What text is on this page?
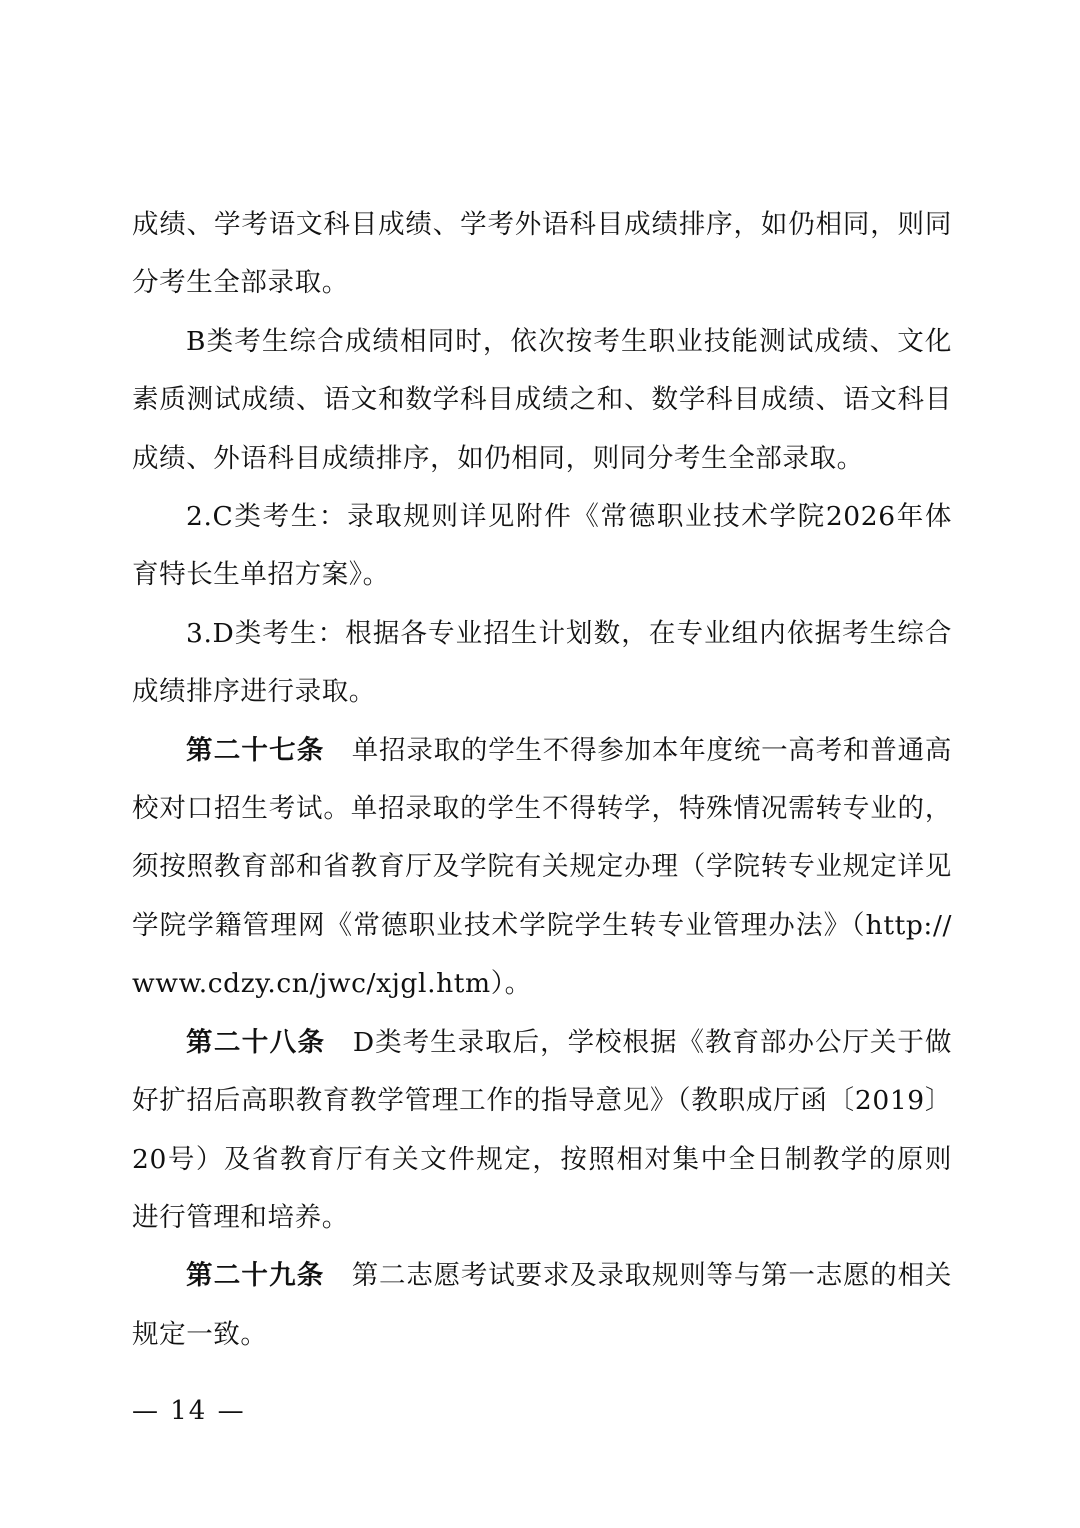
成绩、学考语文科目成绩、学考外语科目成绩排序，如仍相同，则同分考生全部录取。

B类考生综合成绩相同时，依次按考生职业技能测试成绩、文化素质测试成绩、语文和数学科目成绩之和、数学科目成绩、语文科目成绩、外语科目成绩排序，如仍相同，则同分考生全部录取。

2.C类考生：录取规则详见附件《常德职业技术学院2026年体育特长生单招方案》。

3.D类考生：根据各专业招生计划数，在专业组内依据考生综合成绩排序进行录取。

第二十七条　单招录取的学生不得参加本年度统一高考和普通高校对口招生考试。单招录取的学生不得转学，特殊情况需转专业的，须按照教育部和省教育厅及学院有关规定办理（学院转专业规定详见学院学籍管理网《常德职业技术学院学生转专业管理办法》（http://www.cdzy.cn/jwc/xjgl.htm）。

第二十八条　D类考生录取后，学校根据《教育部办公厅关于做好扩招后高职教育教学管理工作的指导意见》（教职成厅函〔2019〕20号）及省教育厅有关文件规定，按照相对集中全日制教学的原则进行管理和培养。

第二十九条　第二志愿考试要求及录取规则等与第一志愿的相关规定一致。

— 14 —
